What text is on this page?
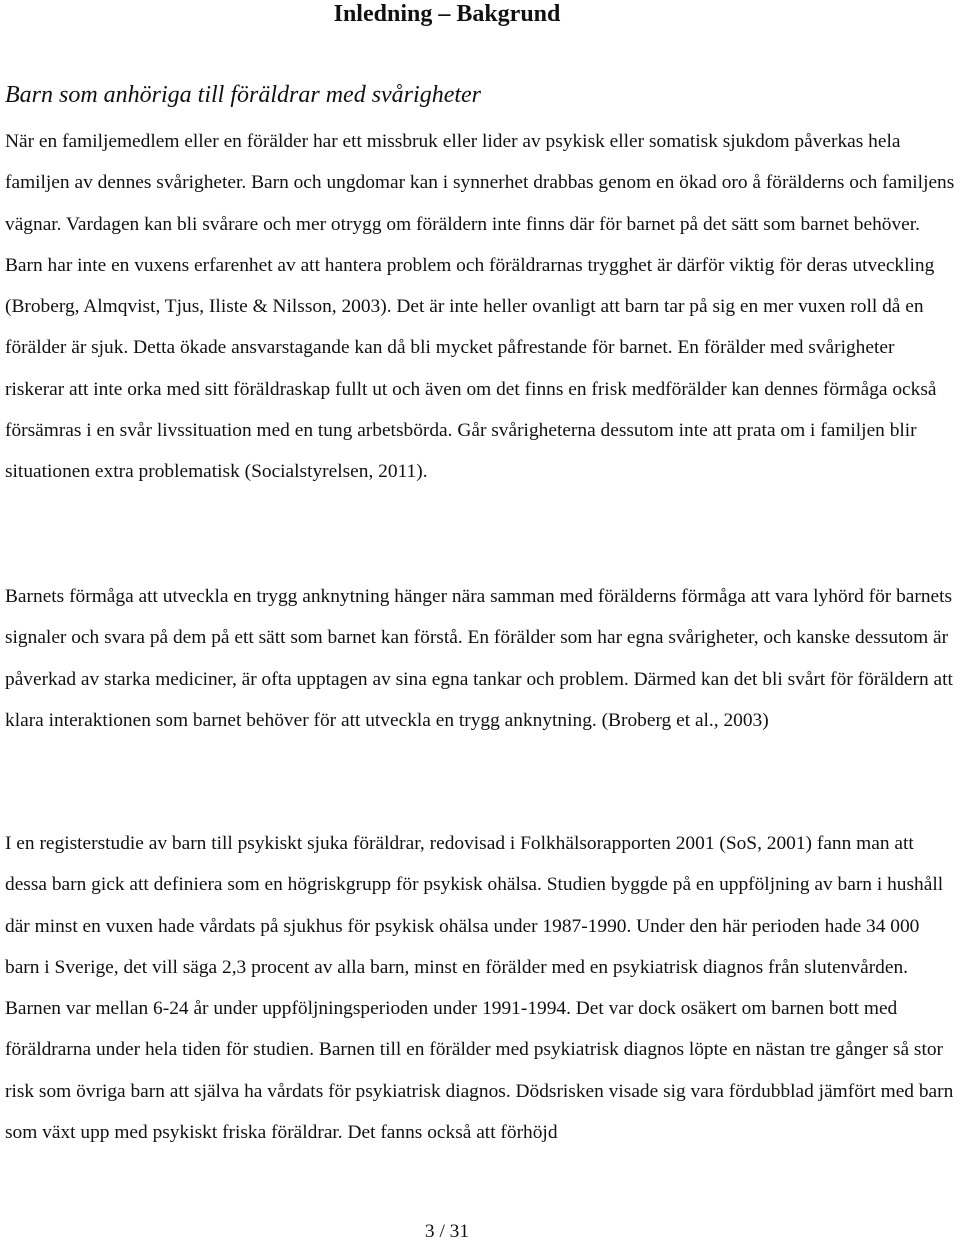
Inledning – Bakgrund
Barn som anhöriga till föräldrar med svårigheter

När en familjemedlem eller en förälder har ett missbruk eller lider av psykisk eller somatisk sjukdom påverkas hela familjen av dennes svårigheter. Barn och ungdomar kan i synnerhet drabbas genom en ökad oro å förälderns och familjens vägnar. Vardagen kan bli svårare och mer otrygg om föräldern inte finns där för barnet på det sätt som barnet behöver. Barn har inte en vuxens erfarenhet av att hantera problem och föräldrarnas trygghet är därför viktig för deras utveckling (Broberg, Almqvist, Tjus, Iliste & Nilsson, 2003). Det är inte heller ovanligt att barn tar på sig en mer vuxen roll då en förälder är sjuk. Detta ökade ansvarstagande kan då bli mycket påfrestande för barnet. En förälder med svårigheter riskerar att inte orka med sitt föräldraskap fullt ut och även om det finns en frisk medförälder kan dennes förmåga också försämras i en svår livssituation med en tung arbetsbörda. Går svårigheterna dessutom inte att prata om i familjen blir situationen extra problematisk (Socialstyrelsen, 2011).

Barnets förmåga att utveckla en trygg anknytning hänger nära samman med förälderns förmåga att vara lyhörd för barnets signaler och svara på dem på ett sätt som barnet kan förstå. En förälder som har egna svårigheter, och kanske dessutom är påverkad av starka mediciner, är ofta upptagen av sina egna tankar och problem. Därmed kan det bli svårt för föräldern att klara interaktionen som barnet behöver för att utveckla en trygg anknytning. (Broberg et al., 2003)

I en registerstudie av barn till psykiskt sjuka föräldrar, redovisad i Folkhälsorapporten 2001 (SoS, 2001) fann man att dessa barn gick att definiera som en högriskgrupp för psykisk ohälsa. Studien byggde på en uppföljning av barn i hushåll där minst en vuxen hade vårdats på sjukhus för psykisk ohälsa under 1987-1990. Under den här perioden hade 34 000 barn i Sverige, det vill säga 2,3 procent av alla barn, minst en förälder med en psykiatrisk diagnos från slutenvården. Barnen var mellan 6-24 år under uppföljningsperioden under 1991-1994. Det var dock osäkert om barnen bott med föräldrarna under hela tiden för studien. Barnen till en förälder med psykiatrisk diagnos löpte en nästan tre gånger så stor risk som övriga barn att själva ha vårdats för psykiatrisk diagnos. Dödsrisken visade sig vara fördubblad jämfört med barn som växt upp med psykiskt friska föräldrar. Det fanns också att förhöjd

3 / 31
